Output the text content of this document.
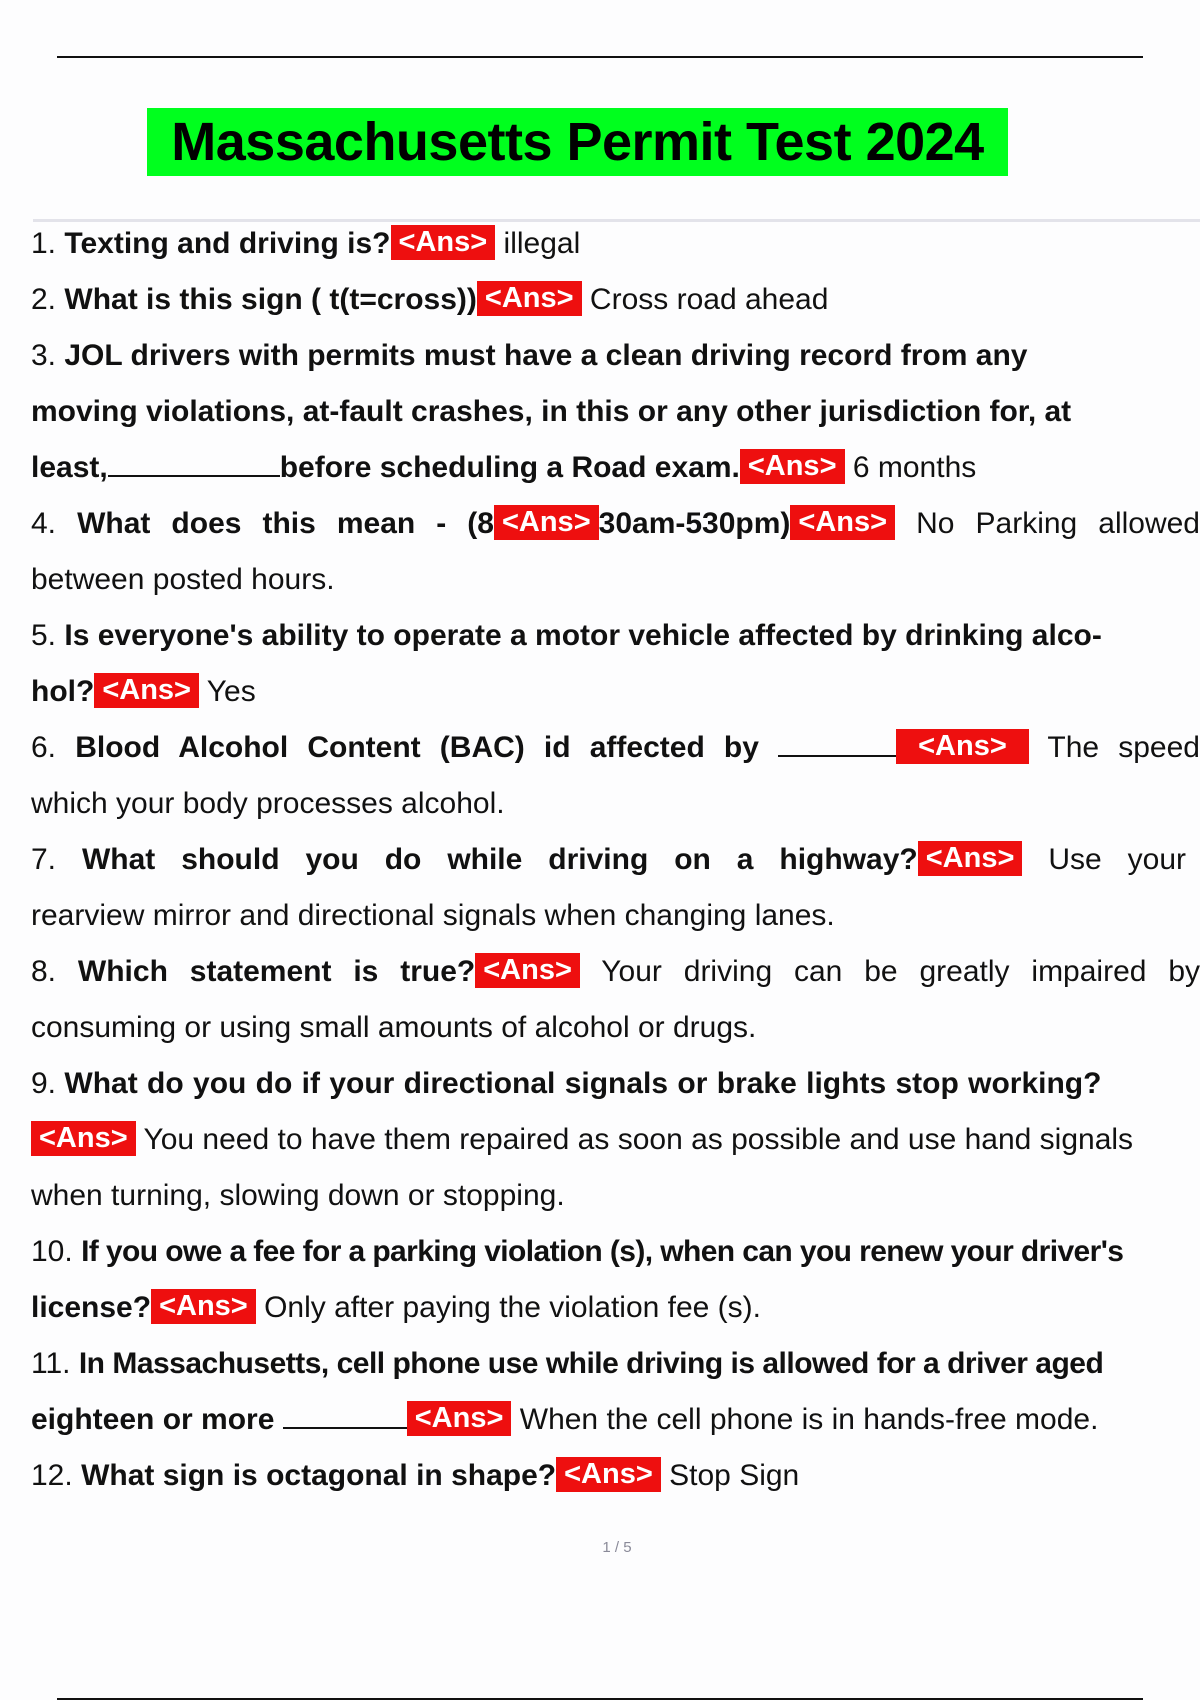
Massachusetts Permit Test 2024
1. Texting and driving is? <Ans> illegal
2. What is this sign ( t(t=cross)) <Ans> Cross road ahead
3. JOL drivers with permits must have a clean driving record from any
moving violations, at-fault crashes, in this or any other jurisdiction for, at
least,	before scheduling a Road exam. <Ans> 6 months
4. What does this mean - (8 <Ans> 30am-530pm) <Ans> No Parking allowed
between posted hours.
5. Is everyone's ability to operate a motor vehicle affected by drinking alco-
hol? <Ans> Yes
6. Blood Alcohol Content (BAC) id affected by	<Ans> The speed
which your body processes alcohol.
7. What should you do while driving on a highway? <Ans> Use your
rearview mirror and directional signals when changing lanes.
8. Which statement is true? <Ans> Your driving can be greatly impaired by
consuming or using small amounts of alcohol or drugs.
9. What do you do if your directional signals or brake lights stop working?
<Ans> You need to have them repaired as soon as possible and use hand signals
when turning, slowing down or stopping.
10. If you owe a fee for a parking violation (s), when can you renew your driver's
license? <Ans> Only after paying the violation fee (s).
11. In Massachusetts, cell phone use while driving is allowed for a driver aged
eighteen or more	<Ans> When the cell phone is in hands-free mode.
12. What sign is octagonal in shape? <Ans> Stop Sign
1 / 5
